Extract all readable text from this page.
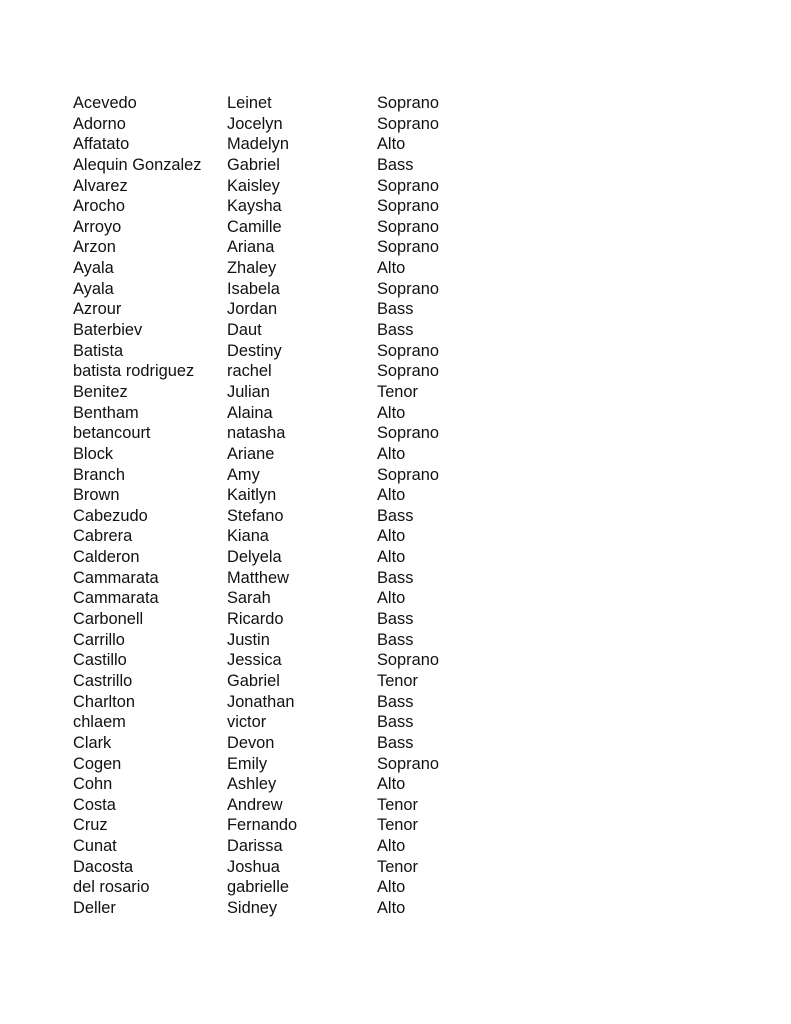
Acevedo	Leinet	Soprano
Adorno	Jocelyn	Soprano
Affatato	Madelyn	Alto
Alequin Gonzalez	Gabriel	Bass
Alvarez	Kaisley	Soprano
Arocho	Kaysha	Soprano
Arroyo	Camille	Soprano
Arzon	Ariana	Soprano
Ayala	Zhaley	Alto
Ayala	Isabela	Soprano
Azrour	Jordan	Bass
Baterbiev	Daut	Bass
Batista	Destiny	Soprano
batista rodriguez	rachel	Soprano
Benitez	Julian	Tenor
Bentham	Alaina	Alto
betancourt	natasha	Soprano
Block	Ariane	Alto
Branch	Amy	Soprano
Brown	Kaitlyn	Alto
Cabezudo	Stefano	Bass
Cabrera	Kiana	Alto
Calderon	Delyela	Alto
Cammarata	Matthew	Bass
Cammarata	Sarah	Alto
Carbonell	Ricardo	Bass
Carrillo	Justin	Bass
Castillo	Jessica	Soprano
Castrillo	Gabriel	Tenor
Charlton	Jonathan	Bass
chlaem	victor	Bass
Clark	Devon	Bass
Cogen	Emily	Soprano
Cohn	Ashley	Alto
Costa	Andrew	Tenor
Cruz	Fernando	Tenor
Cunat	Darissa	Alto
Dacosta	Joshua	Tenor
del rosario	gabrielle	Alto
Deller	Sidney	Alto
